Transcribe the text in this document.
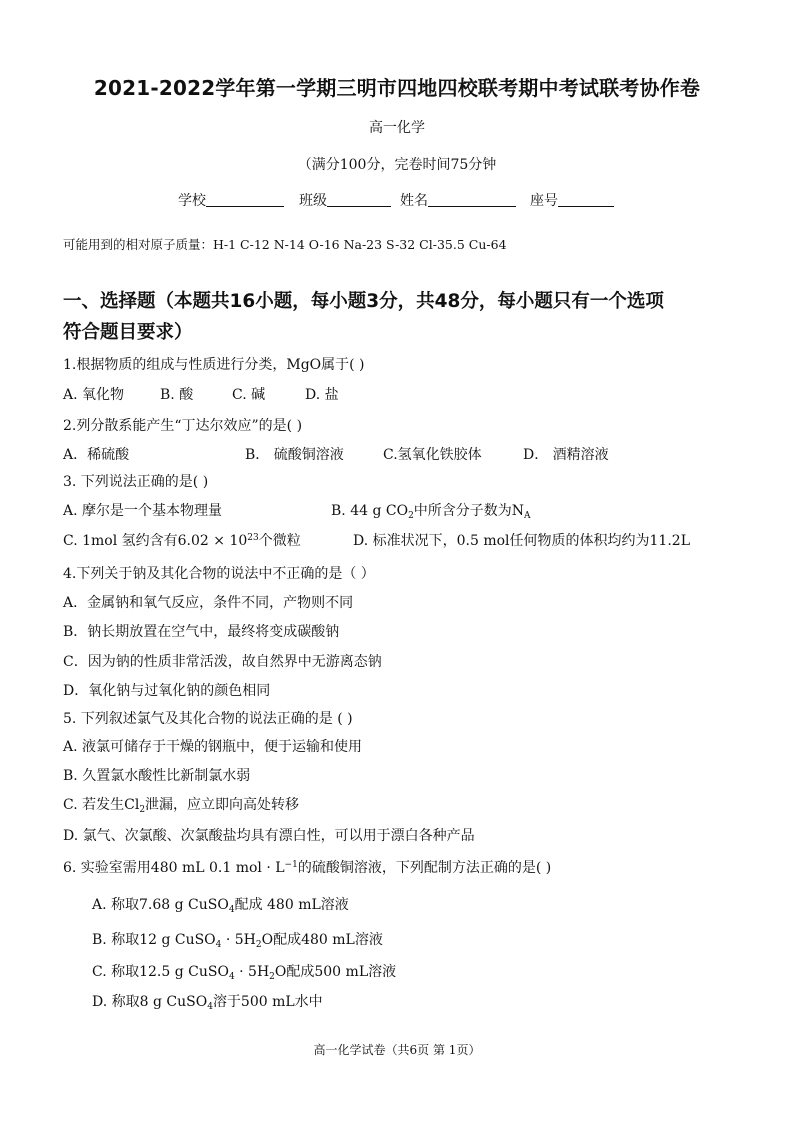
2021-2022学年第一学期三明市四地四校联考期中考试联考协作卷
高一化学
（满分100分，完卷时间75分钟
学校	班级	姓名	座号
可能用到的相对原子质量：H-1 C-12 N-14 O-16 Na-23 S-32 Cl-35.5 Cu-64
一、选择题（本题共16小题，每小题3分，共48分，每小题只有一个选项
符合题目要求）
1.根据物质的组成与性质进行分类，MgO属于( )
A. 氧化物	B. 酸	C. 碱	D. 盐
2.列分散系能产生“丁达尔效应”的是( )
A．稀硫酸	B． 硫酸铜溶液	C.氢氧化铁胶体	D． 酒精溶液
3. 下列说法正确的是( )
A. 摩尔是一个基本物理量	B. 44 g $CO_2$中所含分子数为$N_A$
C. 1mol 氢约含有$6.02 \times 10^{23}$个微粒	D. 标准状况下，0.5 mol任何物质的体积均约为11.2L
4.下列关于钠及其化合物的说法中不正确的是（ ）
A．金属钠和氧气反应，条件不同，产物则不同
B．钠长期放置在空气中，最终将变成碳酸钠
C．因为钠的性质非常活泼，故自然界中无游离态钠
D．氧化钠与过氧化钠的颜色相同
5. 下列叙述氯气及其化合物的说法正确的是 ( )
A. 液氯可储存于干燥的钢瓶中，便于运输和使用
B. 久置氯水酸性比新制氯水弱
C. 若发生$Cl_2$泄漏，应立即向高处转移
D. 氯气、次氯酸、次氯酸盐均具有漂白性，可以用于漂白各种产品
6. 实验室需用480 mL 0.1 mol · $L^{-1}$的硫酸铜溶液，下列配制方法正确的是( )
A. 称取7.68 g CuSO$_4$配成 480 mL溶液
B. 称取12 g CuSO$_4$ · $5H_2O$配成480 mL溶液
C. 称取12.5 g CuSO$_4$ · $5H_2O$配成500 mL溶液
D. 称取8 g CuSO$_4$溶于500 mL水中
高一化学试卷（共6页 第 1页）
